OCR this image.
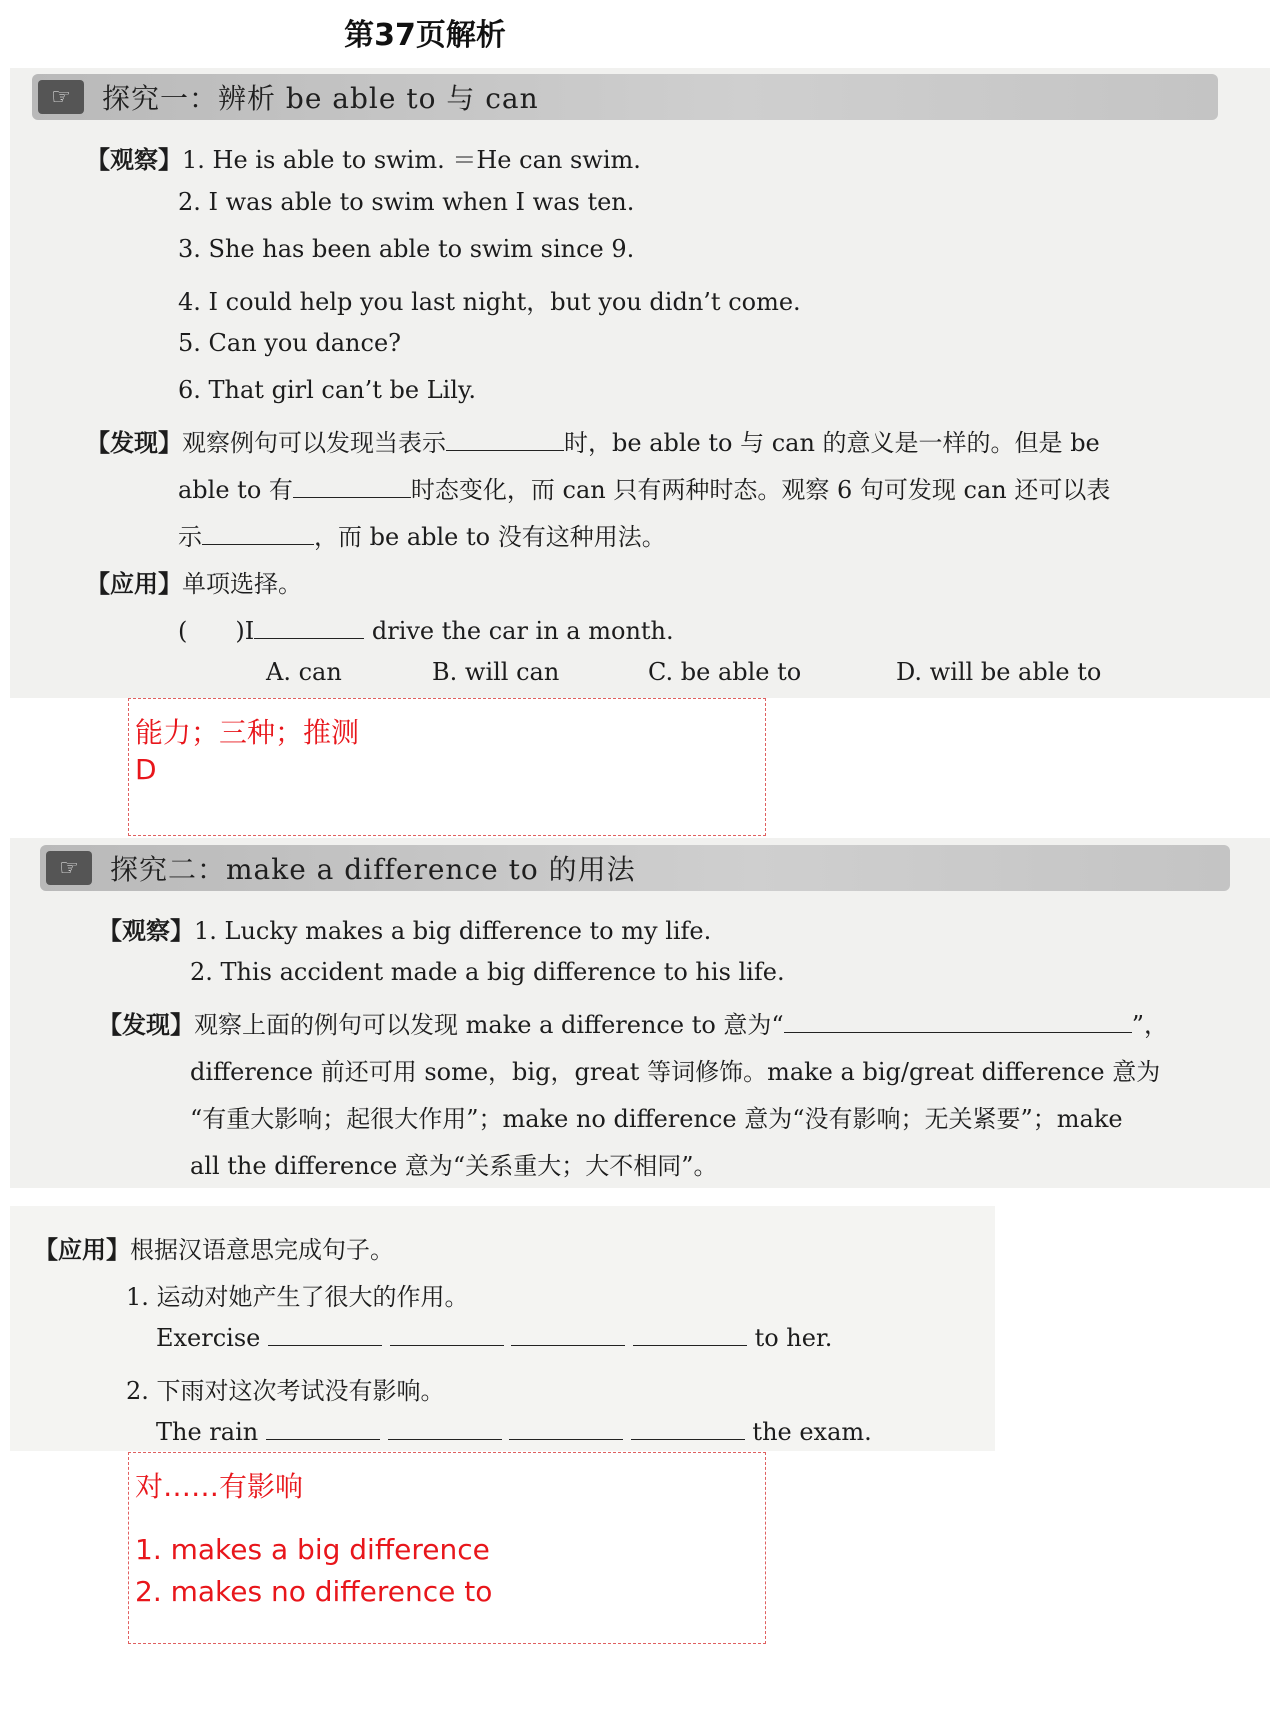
第37页解析
☞	探究一：辨析 be able to 与 can
【观察】1. He is able to swim. ＝He can swim.
2. I was able to swim when I was ten.
3. She has been able to swim since 9.
4. I could help you last night，but you didn’t come.
5. Can you dance?
6. That girl can’t be Lily.
【发现】观察例句可以发现当表示	时，be able to 与 can 的意义是一样的。但是 be
able to 有	时态变化，而 can 只有两种时态。观察 6 句可发现 can 还可以表
示	，而 be able to 没有这种用法。
【应用】单项选择。
(　　)I	drive the car in a month.
A. can	B. will can	C. be able to	D. will be able to
能力；三种；推测
D
☞	探究二：make a difference to 的用法
【观察】1. Lucky makes a big difference to my life.
2. This accident made a big difference to his life.
【发现】观察上面的例句可以发现 make a difference to 意为“	”，
difference 前还可用 some，big，great 等词修饰。make a big/great difference 意为
“有重大影响；起很大作用”；make no difference 意为“没有影响；无关紧要”；make
all the difference 意为“关系重大；大不相同”。
【应用】根据汉语意思完成句子。
1. 运动对她产生了很大的作用。
Exercise	to her.
2. 下雨对这次考试没有影响。
The rain	the exam.
对……有影响
1. makes a big difference
2. makes no difference to
